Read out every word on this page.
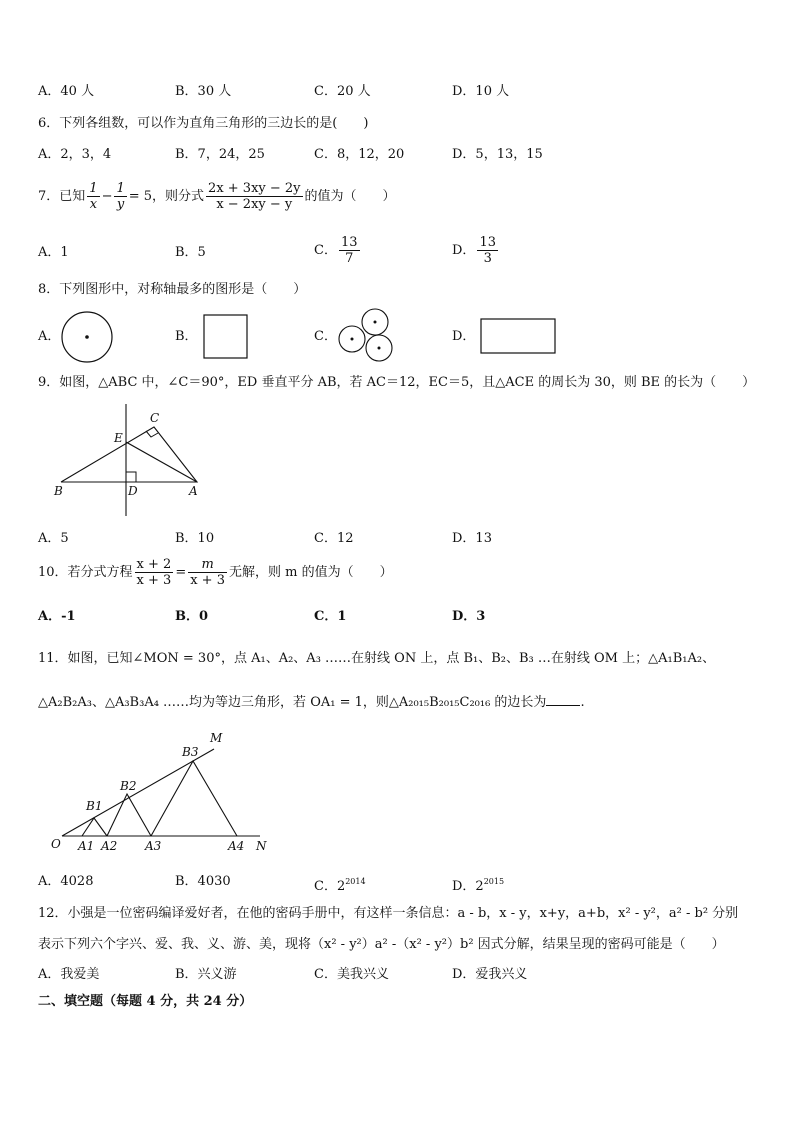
A．40 人	B．30 人	C．20 人	D．10 人
6．下列各组数，可以作为直角三角形的三边长的是(　　)
A．2，3，4	B．7，24，25	C．8，12，20	D．5，13，15
7．已知 $\frac{1}{x} - \frac{1}{y} = 5$，则分式 $\frac{2x + 3xy - 2y}{x - 2xy - y}$ 的值为（　　）
A．1	B．5	C． $\frac{13}{7}$	D． $\frac{13}{3}$
8．下列图形中，对称轴最多的图形是（　　）
A．	B．	C．	D．
9．如图，△ABC 中，∠C＝90°，ED 垂直平分 AB，若 AC＝12，EC＝5，且△ACE 的周长为 30，则 BE 的长为（　　）
C
E
B	D	A
A．5	B．10	C．12	D．13
10．若分式方程 $\frac{x + 2}{x + 3} = \frac{m}{x + 3}$ 无解，则 m 的值为（　　）
A．-1	B．0	C．1	D．3
11．如图，已知∠MON = 30°，点 A₁、A₂、A₃ ……在射线 ON 上，点 B₁、B₂、B₃ …在射线 OM 上；△A₁B₁A₂、
△A₂B₂A₃、△A₃B₃A₄ ……均为等边三角形，若 OA₁ = 1，则△A₂₀₁₅B₂₀₁₅C₂₀₁₆ 的边长为	.
O
M
N
B1
B2
B3
A1 A2 A3	A4
A．4028	B．4030	C．$2^{2014}$	D．$2^{2015}$
12．小强是一位密码编译爱好者，在他的密码手册中，有这样一条信息：a - b，x - y，x+y，a+b，x² - y²，a² - b² 分别
表示下列六个字兴、爱、我、义、游、美，现将（x² - y²）a² -（x² - y²）b² 因式分解，结果呈现的密码可能是（　　）
A．我爱美	B．兴义游	C．美我兴义	D．爱我兴义
二、填空题（每题 4 分，共 24 分）
